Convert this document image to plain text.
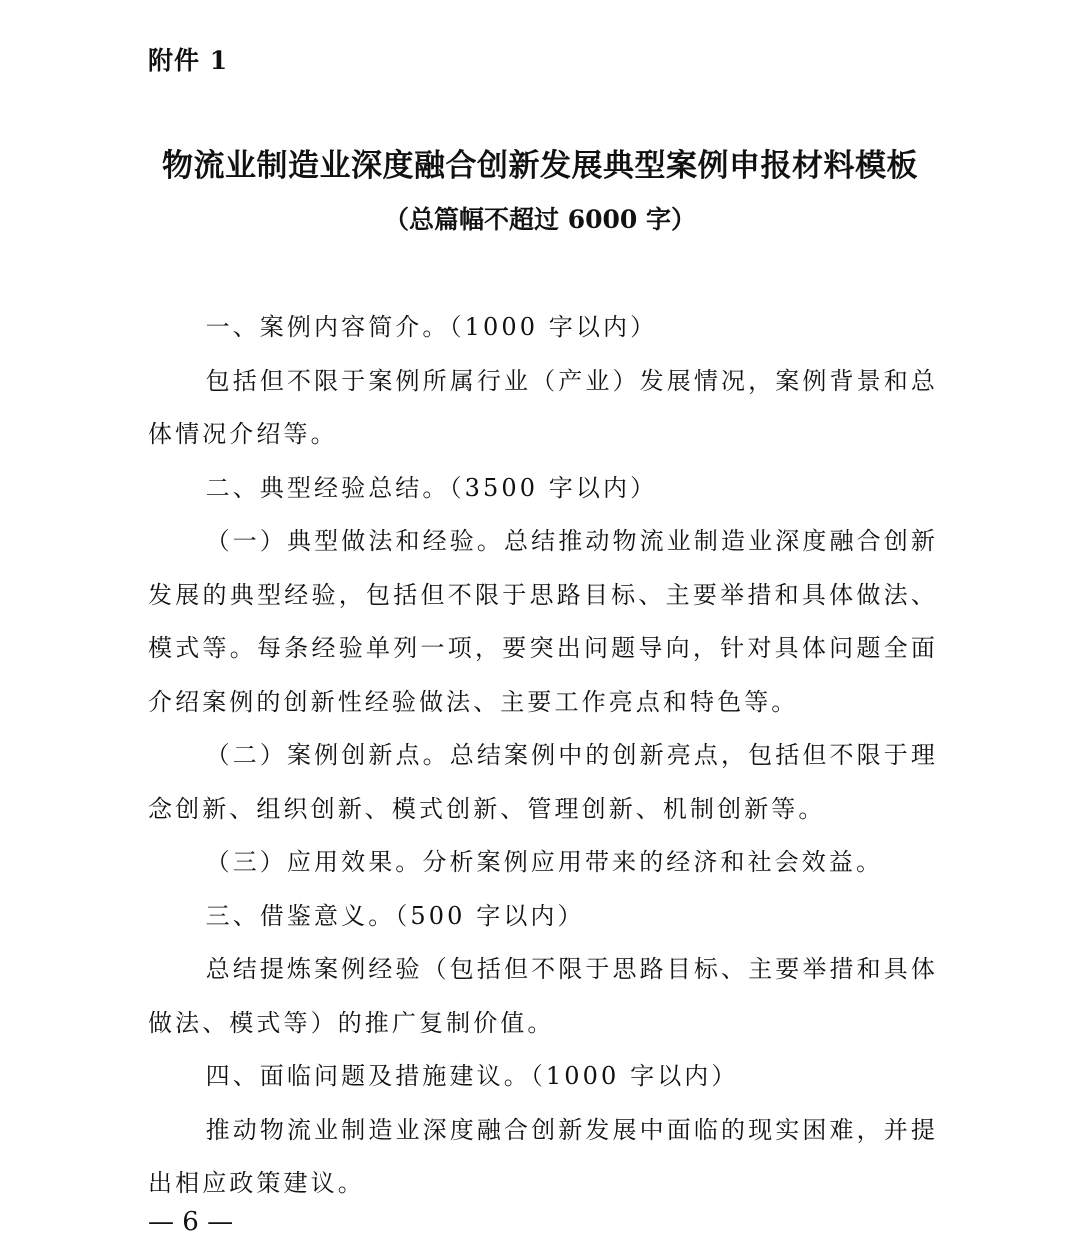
附件 1
物流业制造业深度融合创新发展典型案例申报材料模板
（总篇幅不超过 6000 字）

一、案例内容简介。（1000 字以内）

包括但不限于案例所属行业（产业）发展情况，案例背景和总体情况介绍等。

二、典型经验总结。（3500 字以内）

（一）典型做法和经验。总结推动物流业制造业深度融合创新发展的典型经验，包括但不限于思路目标、主要举措和具体做法、模式等。每条经验单列一项，要突出问题导向，针对具体问题全面介绍案例的创新性经验做法、主要工作亮点和特色等。

（二）案例创新点。总结案例中的创新亮点，包括但不限于理念创新、组织创新、模式创新、管理创新、机制创新等。

（三）应用效果。分析案例应用带来的经济和社会效益。

三、借鉴意义。（500 字以内）

总结提炼案例经验（包括但不限于思路目标、主要举措和具体做法、模式等）的推广复制价值。

四、面临问题及措施建议。（1000 字以内）

推动物流业制造业深度融合创新发展中面临的现实困难，并提出相应政策建议。

— 6 —
